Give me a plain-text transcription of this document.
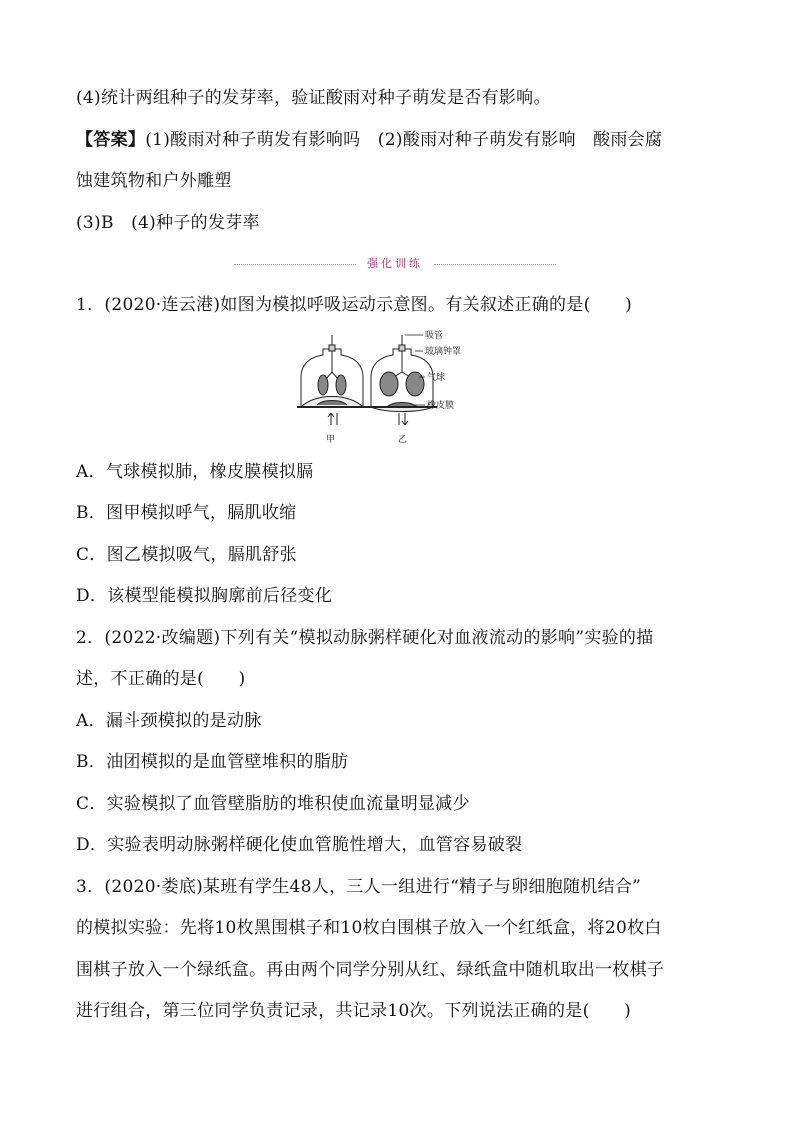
(4)统计两组种子的发芽率，验证酸雨对种子萌发是否有影响。
【答案】(1)酸雨对种子萌发有影响吗　(2)酸雨对种子萌发有影响　酸雨会腐
蚀建筑物和户外雕塑
(3)B　(4)种子的发芽率
强化训练
1．(2020·连云港)如图为模拟呼吸运动示意图。有关叙述正确的是(　　)
吸管
玻璃钟罩
气球
橡皮膜
甲	乙
A．气球模拟肺，橡皮膜模拟膈
B．图甲模拟呼气，膈肌收缩
C．图乙模拟吸气，膈肌舒张
D．该模型能模拟胸廓前后径变化
2．(2022·改编题)下列有关“模拟动脉粥样硬化对血液流动的影响”实验的描
述，不正确的是(　　)
A．漏斗颈模拟的是动脉
B．油团模拟的是血管壁堆积的脂肪
C．实验模拟了血管壁脂肪的堆积使血流量明显减少
D．实验表明动脉粥样硬化使血管脆性增大，血管容易破裂
3．(2020·娄底)某班有学生48人，三人一组进行“精子与卵细胞随机结合”
的模拟实验：先将10枚黑围棋子和10枚白围棋子放入一个红纸盒，将20枚白
围棋子放入一个绿纸盒。再由两个同学分别从红、绿纸盒中随机取出一枚棋子
进行组合，第三位同学负责记录，共记录10次。下列说法正确的是(　　)
